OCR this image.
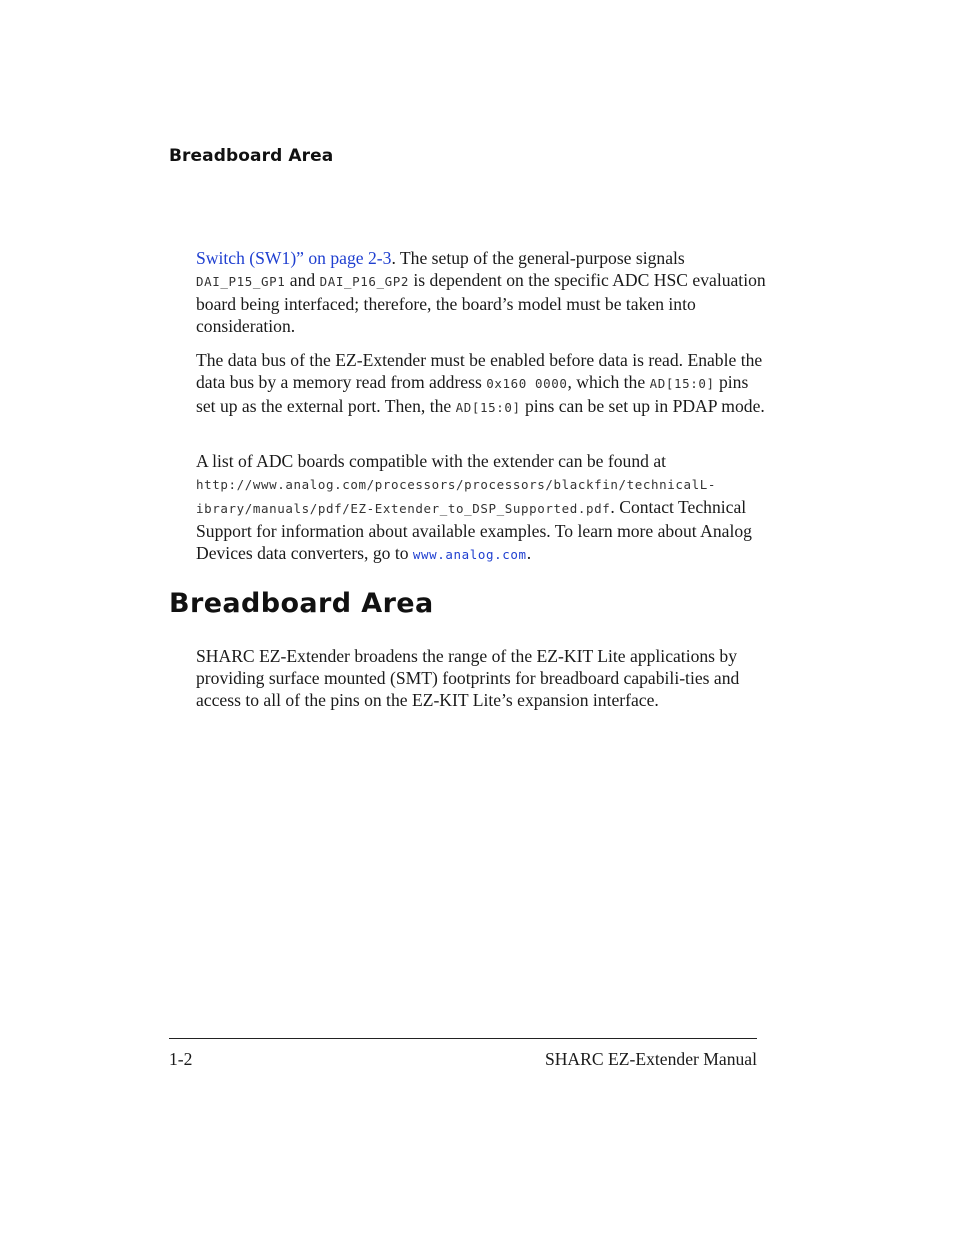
Breadboard Area
Switch (SW1)” on page 2-3. The setup of the general-purpose signals DAI_P15_GP1 and DAI_P16_GP2 is dependent on the specific ADC HSC evaluation board being interfaced; therefore, the board’s model must be taken into consideration.
The data bus of the EZ-Extender must be enabled before data is read. Enable the data bus by a memory read from address 0x160 0000, which the AD[15:0] pins set up as the external port. Then, the AD[15:0] pins can be set up in PDAP mode.
A list of ADC boards compatible with the extender can be found at http://www.analog.com/processors/processors/blackfin/technicalL-
ibrary/manuals/pdf/EZ-Extender_to_DSP_Supported.pdf. Contact Technical Support for information about available examples. To learn more about Analog Devices data converters, go to www.analog.com.
Breadboard Area
SHARC EZ-Extender broadens the range of the EZ-KIT Lite applications by providing surface mounted (SMT) footprints for breadboard capabili-ties and access to all of the pins on the EZ-KIT Lite’s expansion interface.
1-2	SHARC EZ-Extender Manual
